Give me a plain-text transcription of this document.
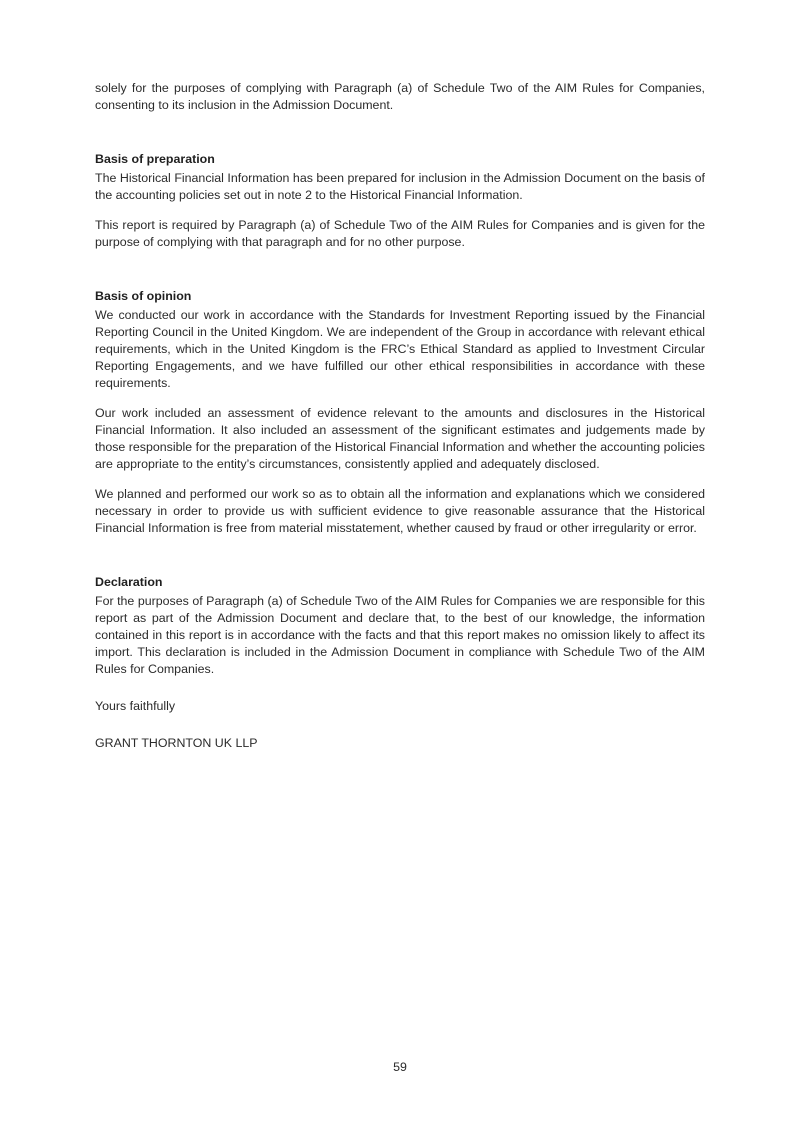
solely for the purposes of complying with Paragraph (a) of Schedule Two of the AIM Rules for Companies, consenting to its inclusion in the Admission Document.

Basis of preparation

The Historical Financial Information has been prepared for inclusion in the Admission Document on the basis of the accounting policies set out in note 2 to the Historical Financial Information.

This report is required by Paragraph (a) of Schedule Two of the AIM Rules for Companies and is given for the purpose of complying with that paragraph and for no other purpose.

Basis of opinion

We conducted our work in accordance with the Standards for Investment Reporting issued by the Financial Reporting Council in the United Kingdom. We are independent of the Group in accordance with relevant ethical requirements, which in the United Kingdom is the FRC’s Ethical Standard as applied to Investment Circular Reporting Engagements, and we have fulfilled our other ethical responsibilities in accordance with these requirements.

Our work included an assessment of evidence relevant to the amounts and disclosures in the Historical Financial Information. It also included an assessment of the significant estimates and judgements made by those responsible for the preparation of the Historical Financial Information and whether the accounting policies are appropriate to the entity’s circumstances, consistently applied and adequately disclosed.

We planned and performed our work so as to obtain all the information and explanations which we considered necessary in order to provide us with sufficient evidence to give reasonable assurance that the Historical Financial Information is free from material misstatement, whether caused by fraud or other irregularity or error.

Declaration

For the purposes of Paragraph (a) of Schedule Two of the AIM Rules for Companies we are responsible for this report as part of the Admission Document and declare that, to the best of our knowledge, the information contained in this report is in accordance with the facts and that this report makes no omission likely to affect its import. This declaration is included in the Admission Document in compliance with Schedule Two of the AIM Rules for Companies.

Yours faithfully

GRANT THORNTON UK LLP

59
